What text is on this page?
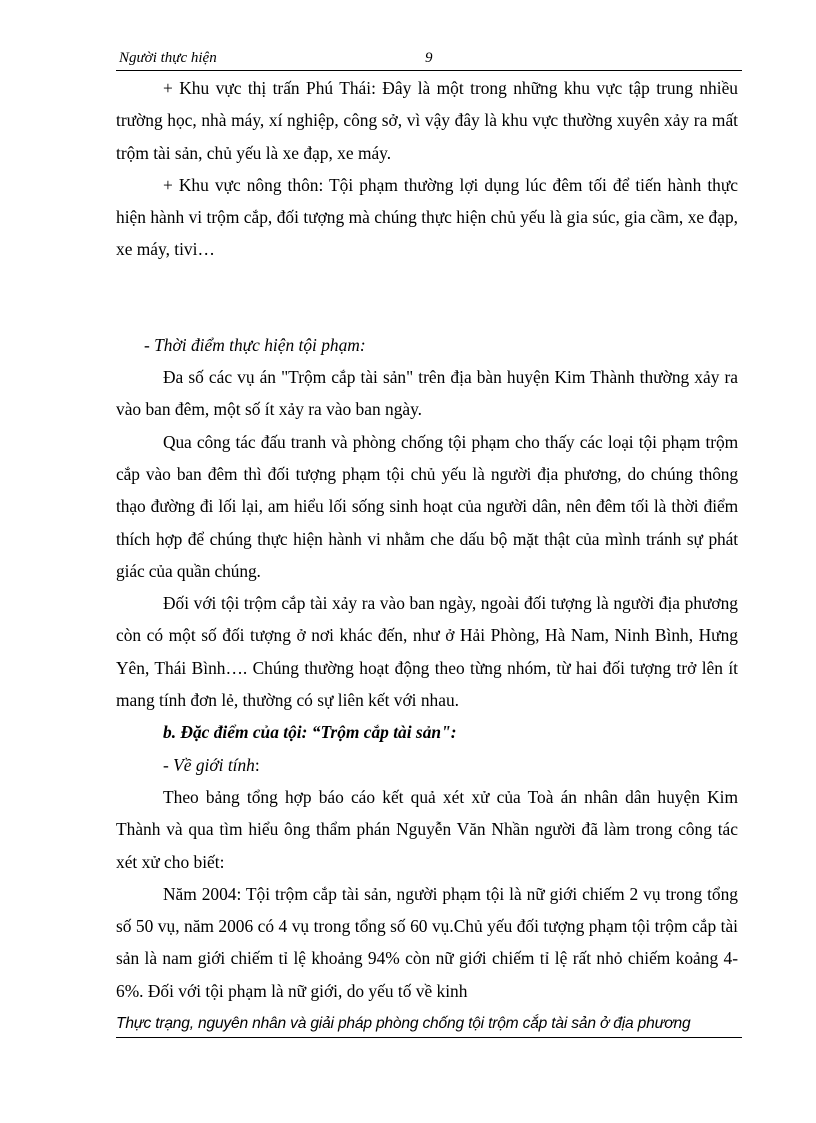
Người thực hiện	9

+ Khu vực thị trấn Phú Thái: Đây là một trong những khu vực tập trung nhiều trường học, nhà máy, xí nghiệp, công sở, vì vậy đây là khu vực thường xuyên xảy ra mất trộm tài sản, chủ yếu là xe đạp, xe máy.

+ Khu vực nông thôn: Tội phạm thường lợi dụng lúc đêm tối để tiến hành thực hiện hành vi trộm cắp, đối tượng mà chúng thực hiện chủ yếu là gia súc, gia cầm, xe đạp, xe máy, tivi…

- Thời điểm thực hiện tội phạm:

Đa số các vụ án "Trộm cắp tài sản" trên địa bàn huyện Kim Thành thường xảy ra vào ban đêm, một số ít xảy ra vào ban ngày.

Qua công tác đấu tranh và phòng chống tội phạm cho thấy các loại tội phạm trộm cắp vào ban đêm thì đối tượng phạm tội chủ yếu là người địa phương, do chúng thông thạo đường đi lối lại, am hiểu lối sống sinh hoạt của người dân, nên đêm tối là thời điểm thích hợp để chúng thực hiện hành vi nhằm che dấu bộ mặt thật của mình tránh sự phát giác của quần chúng.

Đối với tội trộm cắp tài xảy ra vào ban ngày, ngoài đối tượng là người địa phương còn có một số đối tượng ở nơi khác đến, như ở Hải Phòng, Hà Nam, Ninh Bình, Hưng Yên, Thái Bình…. Chúng thường hoạt động theo từng nhóm, từ hai đối tượng trở lên ít mang tính đơn lẻ, thường có sự liên kết với nhau.

b. Đặc điểm của tội: “Trộm cắp tài sản":

- Về giới tính:

Theo bảng tổng hợp báo cáo kết quả xét xử của Toà án nhân dân huyện Kim Thành và qua tìm hiểu ông thẩm phán Nguyễn Văn Nhần người đã làm trong công tác xét xử cho biết:

Năm 2004: Tội trộm cắp tài sản, người phạm tội là nữ giới chiếm 2 vụ trong tổng số 50 vụ, năm 2006 có 4 vụ trong tổng số 60 vụ.Chủ yếu đối tượng phạm tội trộm cắp tài sản là nam giới chiếm tỉ lệ khoảng 94% còn nữ giới chiếm tỉ lệ rất nhỏ chiếm koảng 4- 6%. Đối với tội phạm là nữ giới, do yếu tố về kinh

Thực trạng, nguyên nhân và giải pháp phòng chống tội trộm cắp tài sản ở địa phương
